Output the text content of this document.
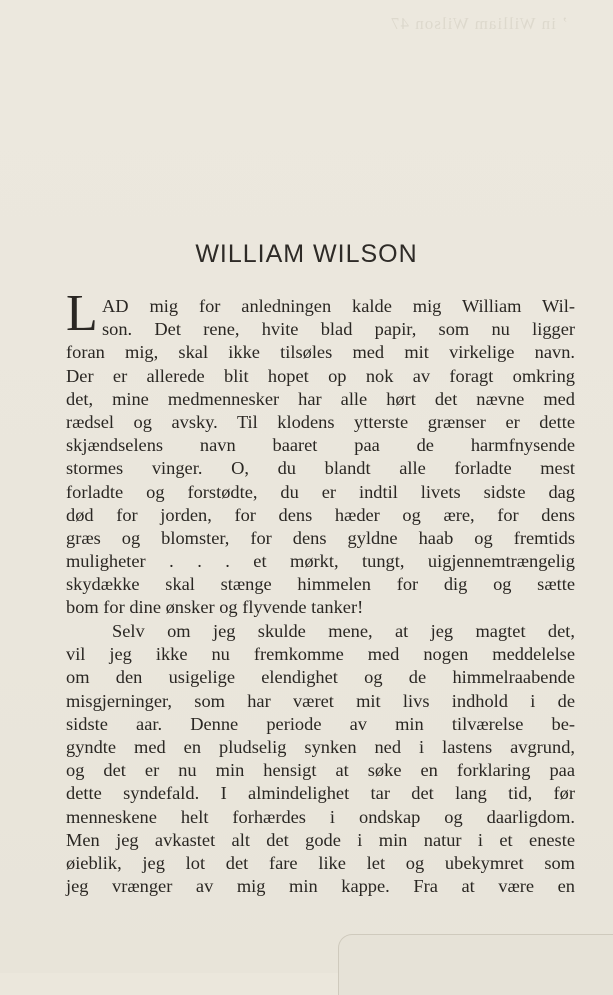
ʼ in William Wilson 47
WILLIAM WILSON
L AD mig for anledningen kalde mig William Wil-
son. Det rene, hvite blad papir, som nu ligger
foran mig, skal ikke tilsøles med mit virkelige navn.
Der er allerede blit hopet op nok av foragt omkring
det, mine medmennesker har alle hørt det nævne med
rædsel og avsky. Til klodens ytterste grænser er dette
skjændselens navn baaret paa de harmfnysende
stormes vinger. O, du blandt alle forladte mest
forladte og forstødte, du er indtil livets sidste dag
død for jorden, for dens hæder og ære, for dens
græs og blomster, for dens gyldne haab og fremtids
muligheter . . . et mørkt, tungt, uigjennemtrængelig
skydække skal stænge himmelen for dig og sætte
bom for dine ønsker og flyvende tanker!
Selv om jeg skulde mene, at jeg magtet det,
vil jeg ikke nu fremkomme med nogen meddelelse
om den usigelige elendighet og de himmelraabende
misgjerninger, som har været mit livs indhold i de
sidste aar. Denne periode av min tilværelse be-
gyndte med en pludselig synken ned i lastens avgrund,
og det er nu min hensigt at søke en forklaring paa
dette syndefald. I almindelighet tar det lang tid, før
menneskene helt forhærdes i ondskap og daarligdom.
Men jeg avkastet alt det gode i min natur i et eneste
øieblik, jeg lot det fare like let og ubekymret som
jeg vrænger av mig min kappe. Fra at være en
